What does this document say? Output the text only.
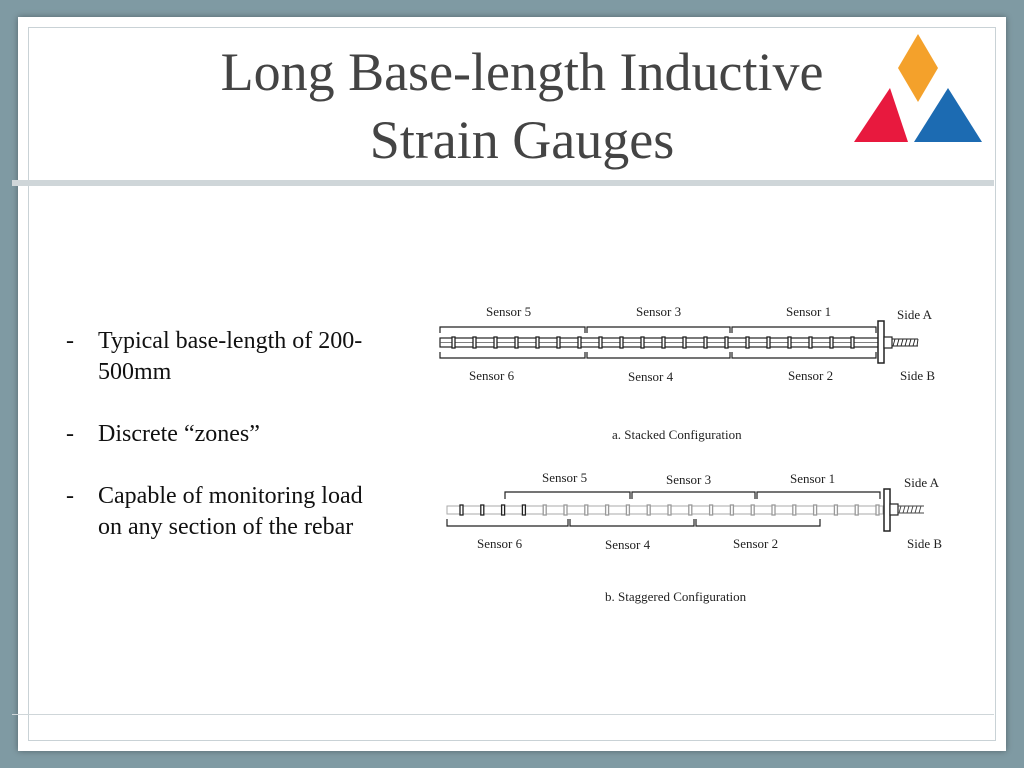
Long Base-length Inductive
Strain Gauges
- Typical base-length of 200-500mm
- Discrete “zones”
- Capable of monitoring load on any section of the rebar
Sensor 5	Sensor 3	Sensor 1
Sensor 6	Sensor 4	Sensor 2
Side A
Side B
a. Stacked Configuration
Sensor 5	Sensor 3	Sensor 1
Sensor 6	Sensor 4	Sensor 2
Side A
Side B
b. Staggered Configuration
